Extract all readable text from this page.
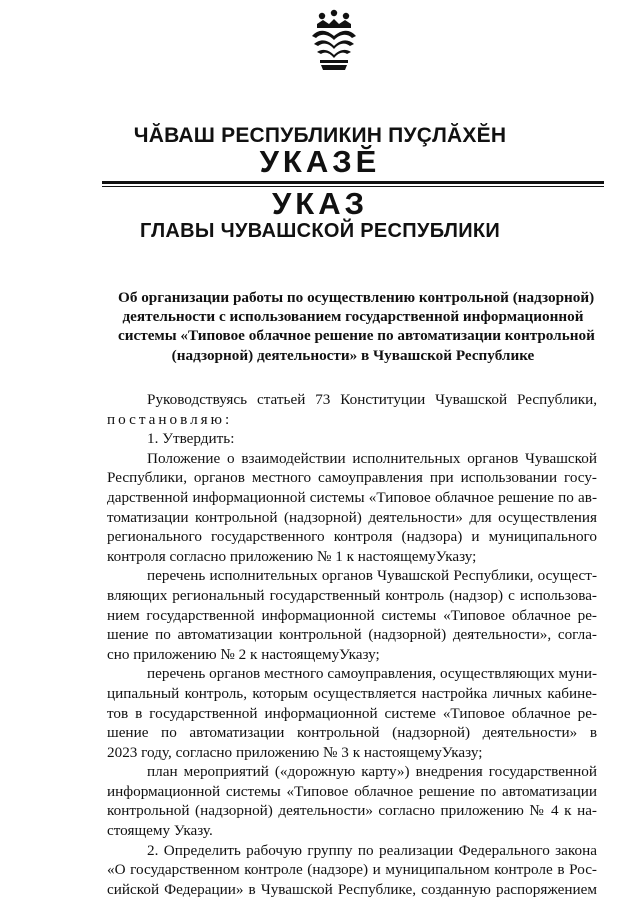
ЧĂВАШ РЕСПУБЛИКИН ПУÇЛĂХĔН
УКАЗĔ
УКАЗ
ГЛАВЫ ЧУВАШСКОЙ РЕСПУБЛИКИ
Об организации работы по осуществлению контрольной (надзорной)
деятельности с использованием государственной информационной
системы «Типовое облачное решение по автоматизации контрольной
(надзорной) деятельности» в Чувашской Республике

Руководствуясь статьей 73 Конституции Чувашской Республики,
постановляю:

1. Утвердить:

Положение о взаимодействии исполнительных органов Чувашской
Республики, органов местного самоуправления при использовании госу-
дарственной информационной системы «Типовое облачное решение по ав-
томатизации контрольной (надзорной) деятельности» для осуществления
регионального государственного контроля (надзора) и муниципального
контроля согласно приложению № 1 к настоящемуУказу;

перечень исполнительных органов Чувашской Республики, осущест-
вляющих региональный государственный контроль (надзор) с использова-
нием государственной информационной системы «Типовое облачное ре-
шение по автоматизации контрольной (надзорной) деятельности», согла-
сно приложению № 2 к настоящемуУказу;

перечень органов местного самоуправления, осуществляющих муни-
ципальный контроль, которым осуществляется настройка личных кабине-
тов в государственной информационной системе «Типовое облачное ре-
шение по автоматизации контрольной (надзорной) деятельности» в
2023 году, согласно приложению № 3 к настоящемуУказу;

план мероприятий («дорожную карту») внедрения государственной
информационной системы «Типовое облачное решение по автоматизации
контрольной (надзорной) деятельности» согласно приложению № 4 к на-
стоящему Указу.

2. Определить рабочую группу по реализации Федерального закона
«О государственном контроле (надзоре) и муниципальном контроле в Рос-
сийской Федерации» в Чувашской Республике, созданную распоряжением
